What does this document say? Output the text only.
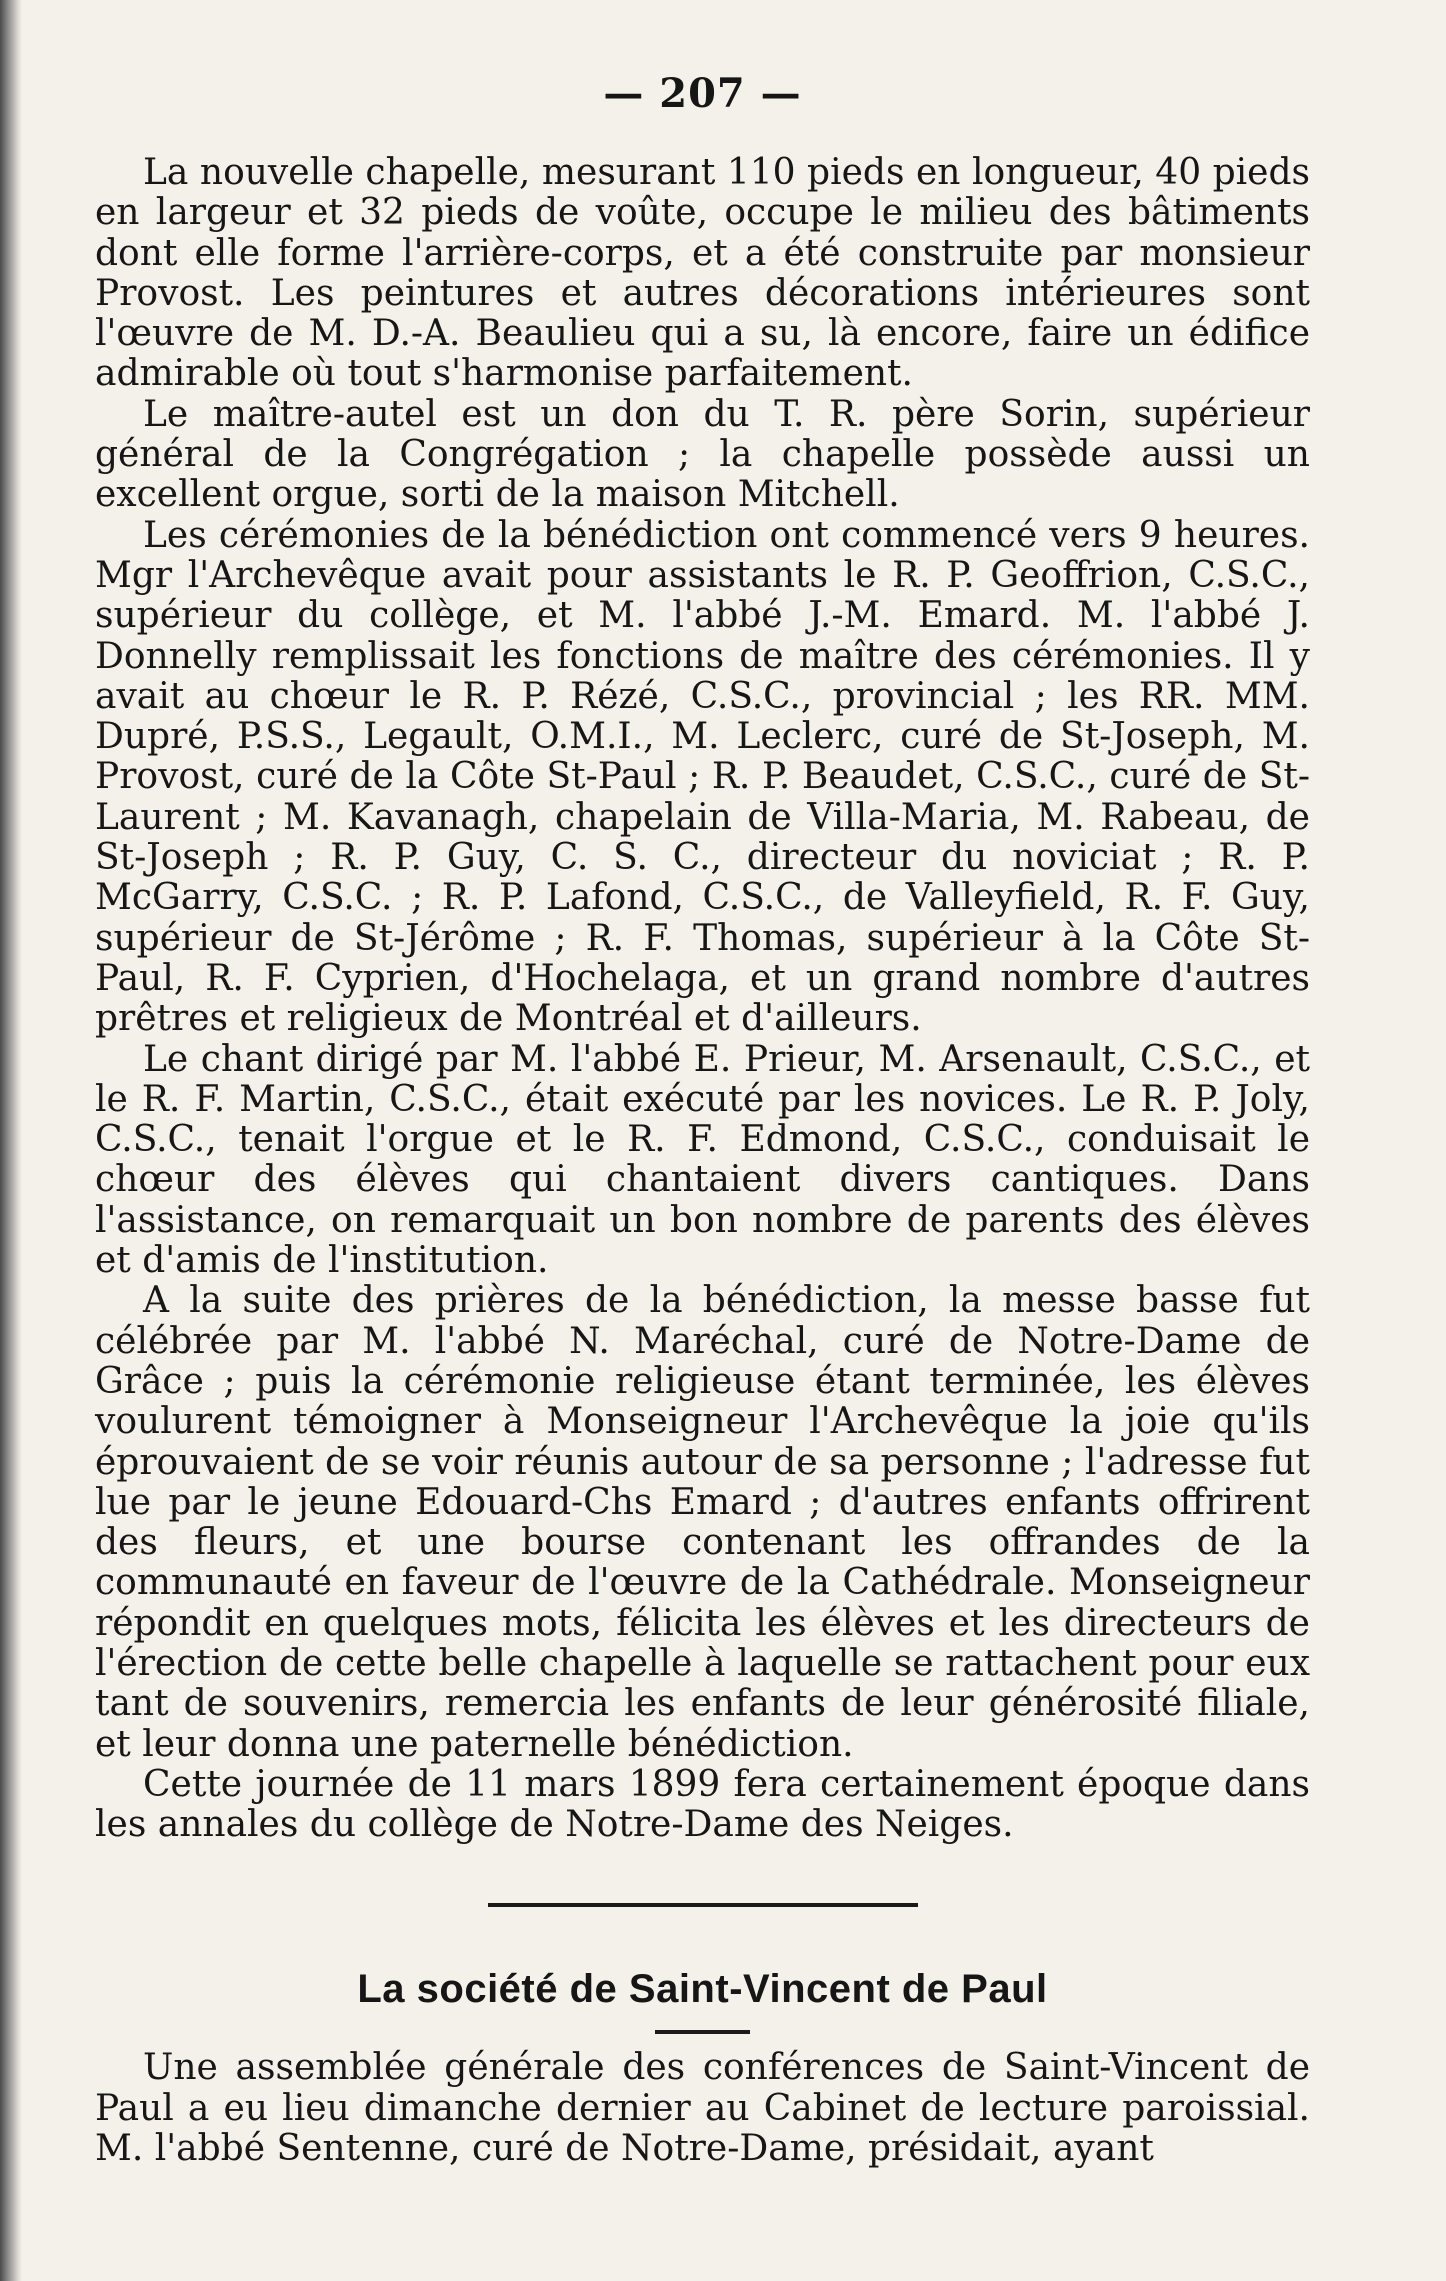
— 207 —

La nouvelle chapelle, mesurant 110 pieds en longueur, 40 pieds en largeur et 32 pieds de voûte, occupe le milieu des bâtiments dont elle forme l'arrière-corps, et a été construite par monsieur Provost. Les peintures et autres décorations intérieures sont l'œuvre de M. D.-A. Beaulieu qui a su, là encore, faire un édifice admirable où tout s'harmonise parfaitement.

Le maître-autel est un don du T. R. père Sorin, supérieur général de la Congrégation ; la chapelle possède aussi un excellent orgue, sorti de la maison Mitchell.

Les cérémonies de la bénédiction ont commencé vers 9 heures. Mgr l'Archevêque avait pour assistants le R. P. Geoffrion, C.S.C., supérieur du collège, et M. l'abbé J.-M. Emard. M. l'abbé J. Donnelly remplissait les fonctions de maître des cérémonies. Il y avait au chœur le R. P. Rézé, C.S.C., provincial ; les RR. MM. Dupré, P.S.S., Legault, O.M.I., M. Leclerc, curé de St-Joseph, M. Provost, curé de la Côte St-Paul ; R. P. Beaudet, C.S.C., curé de St-Laurent ; M. Kavanagh, chapelain de Villa-Maria, M. Rabeau, de St-Joseph ; R. P. Guy, C. S. C., directeur du noviciat ; R. P. McGarry, C.S.C. ; R. P. Lafond, C.S.C., de Valleyfield, R. F. Guy, supérieur de St-Jérôme ; R. F. Thomas, supérieur à la Côte St-Paul, R. F. Cyprien, d'Hochelaga, et un grand nombre d'autres prêtres et religieux de Montréal et d'ailleurs.

Le chant dirigé par M. l'abbé E. Prieur, M. Arsenault, C.S.C., et le R. F. Martin, C.S.C., était exécuté par les novices. Le R. P. Joly, C.S.C., tenait l'orgue et le R. F. Edmond, C.S.C., conduisait le chœur des élèves qui chantaient divers cantiques. Dans l'assistance, on remarquait un bon nombre de parents des élèves et d'amis de l'institution.

A la suite des prières de la bénédiction, la messe basse fut célébrée par M. l'abbé N. Maréchal, curé de Notre-Dame de Grâce ; puis la cérémonie religieuse étant terminée, les élèves voulurent témoigner à Monseigneur l'Archevêque la joie qu'ils éprouvaient de se voir réunis autour de sa personne ; l'adresse fut lue par le jeune Edouard-Chs Emard ; d'autres enfants offrirent des fleurs, et une bourse contenant les offrandes de la communauté en faveur de l'œuvre de la Cathédrale. Monseigneur répondit en quelques mots, félicita les élèves et les directeurs de l'érection de cette belle chapelle à laquelle se rattachent pour eux tant de souvenirs, remercia les enfants de leur générosité filiale, et leur donna une paternelle bénédiction.

Cette journée de 11 mars 1899 fera certainement époque dans les annales du collège de Notre-Dame des Neiges.

La société de Saint-Vincent de Paul

Une assemblée générale des conférences de Saint-Vincent de Paul a eu lieu dimanche dernier au Cabinet de lecture paroissial. M. l'abbé Sentenne, curé de Notre-Dame, présidait, ayant
